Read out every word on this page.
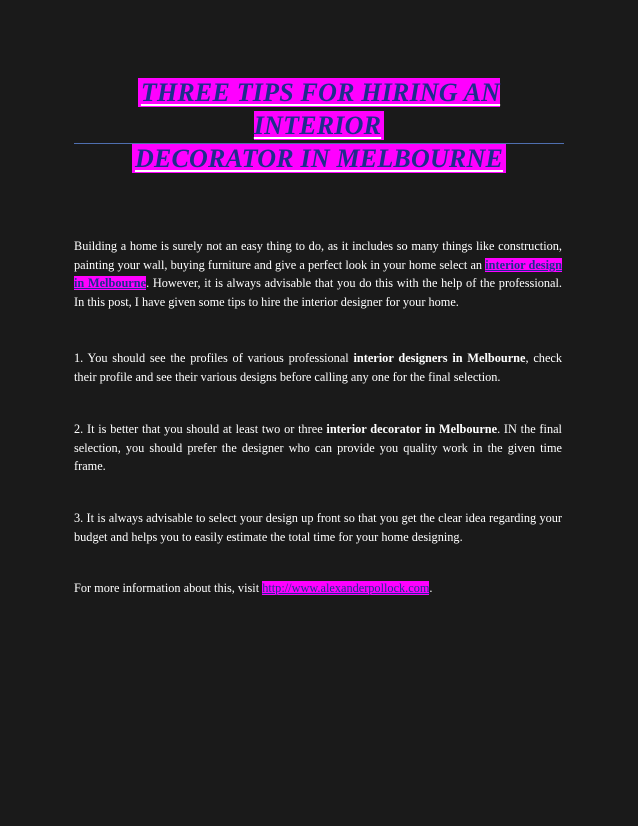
THREE TIPS FOR HIRING AN INTERIOR
DECORATOR IN MELBOURNE

Building a home is surely not an easy thing to do, as it includes so many things like construction, painting your wall, buying furniture and give a perfect look in your home select an interior design in Melbourne. However, it is always advisable that you do this with the help of the professional. In this post, I have given some tips to hire the interior designer for your home.

1. You should see the profiles of various professional interior designers in Melbourne, check their profile and see their various designs before calling any one for the final selection.

2. It is better that you should at least two or three interior decorator in Melbourne. IN the final selection, you should prefer the designer who can provide you quality work in the given time frame.

3. It is always advisable to select your design up front so that you get the clear idea regarding your budget and helps you to easily estimate the total time for your home designing.

For more information about this, visit http://www.alexanderpollock.com.
